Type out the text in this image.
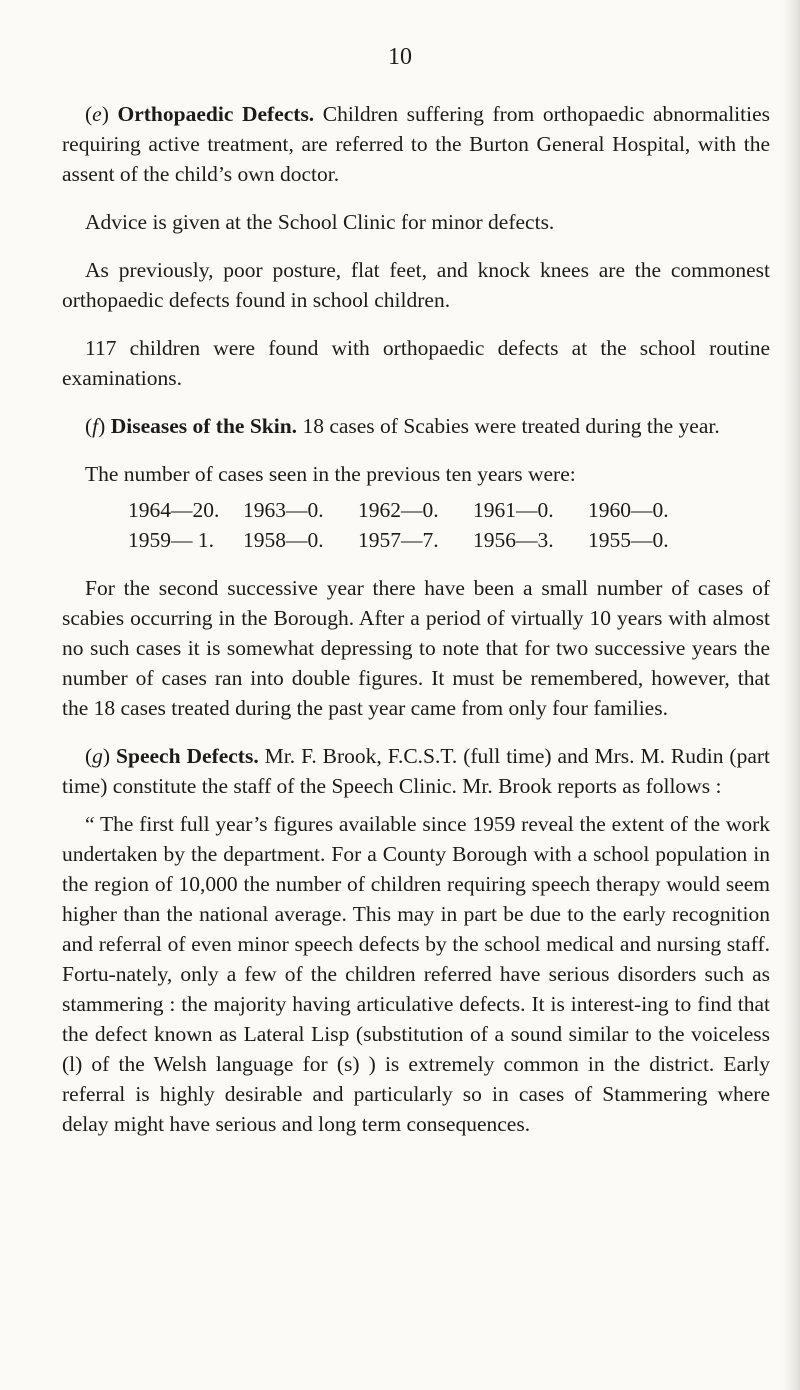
10

(e) Orthopaedic Defects. Children suffering from orthopaedic abnormalities requiring active treatment, are referred to the Burton General Hospital, with the assent of the child’s own doctor.

Advice is given at the School Clinic for minor defects.

As previously, poor posture, flat feet, and knock knees are the commonest orthopaedic defects found in school children.

117 children were found with orthopaedic defects at the school routine examinations.

(f) Diseases of the Skin. 18 cases of Scabies were treated during the year.

The number of cases seen in the previous ten years were:

1964—20.	1963—0.	1962—0.	1961—0.	1960—0.
1959— 1.	1958—0.	1957—7.	1956—3.	1955—0.

For the second successive year there have been a small number of cases of scabies occurring in the Borough. After a period of virtually 10 years with almost no such cases it is somewhat depressing to note that for two successive years the number of cases ran into double figures. It must be remembered, however, that the 18 cases treated during the past year came from only four families.

(g) Speech Defects. Mr. F. Brook, F.C.S.T. (full time) and Mrs. M. Rudin (part time) constitute the staff of the Speech Clinic. Mr. Brook reports as follows :

“ The first full year’s figures available since 1959 reveal the extent of the work undertaken by the department. For a County Borough with a school population in the region of 10,000 the number of children requiring speech therapy would seem higher than the national average. This may in part be due to the early recognition and referral of even minor speech defects by the school medical and nursing staff. Fortu-nately, only a few of the children referred have serious disorders such as stammering : the majority having articulative defects. It is interest-ing to find that the defect known as Lateral Lisp (substitution of a sound similar to the voiceless (l) of the Welsh language for (s) ) is extremely common in the district. Early referral is highly desirable and particularly so in cases of Stammering where delay might have serious and long term consequences.
